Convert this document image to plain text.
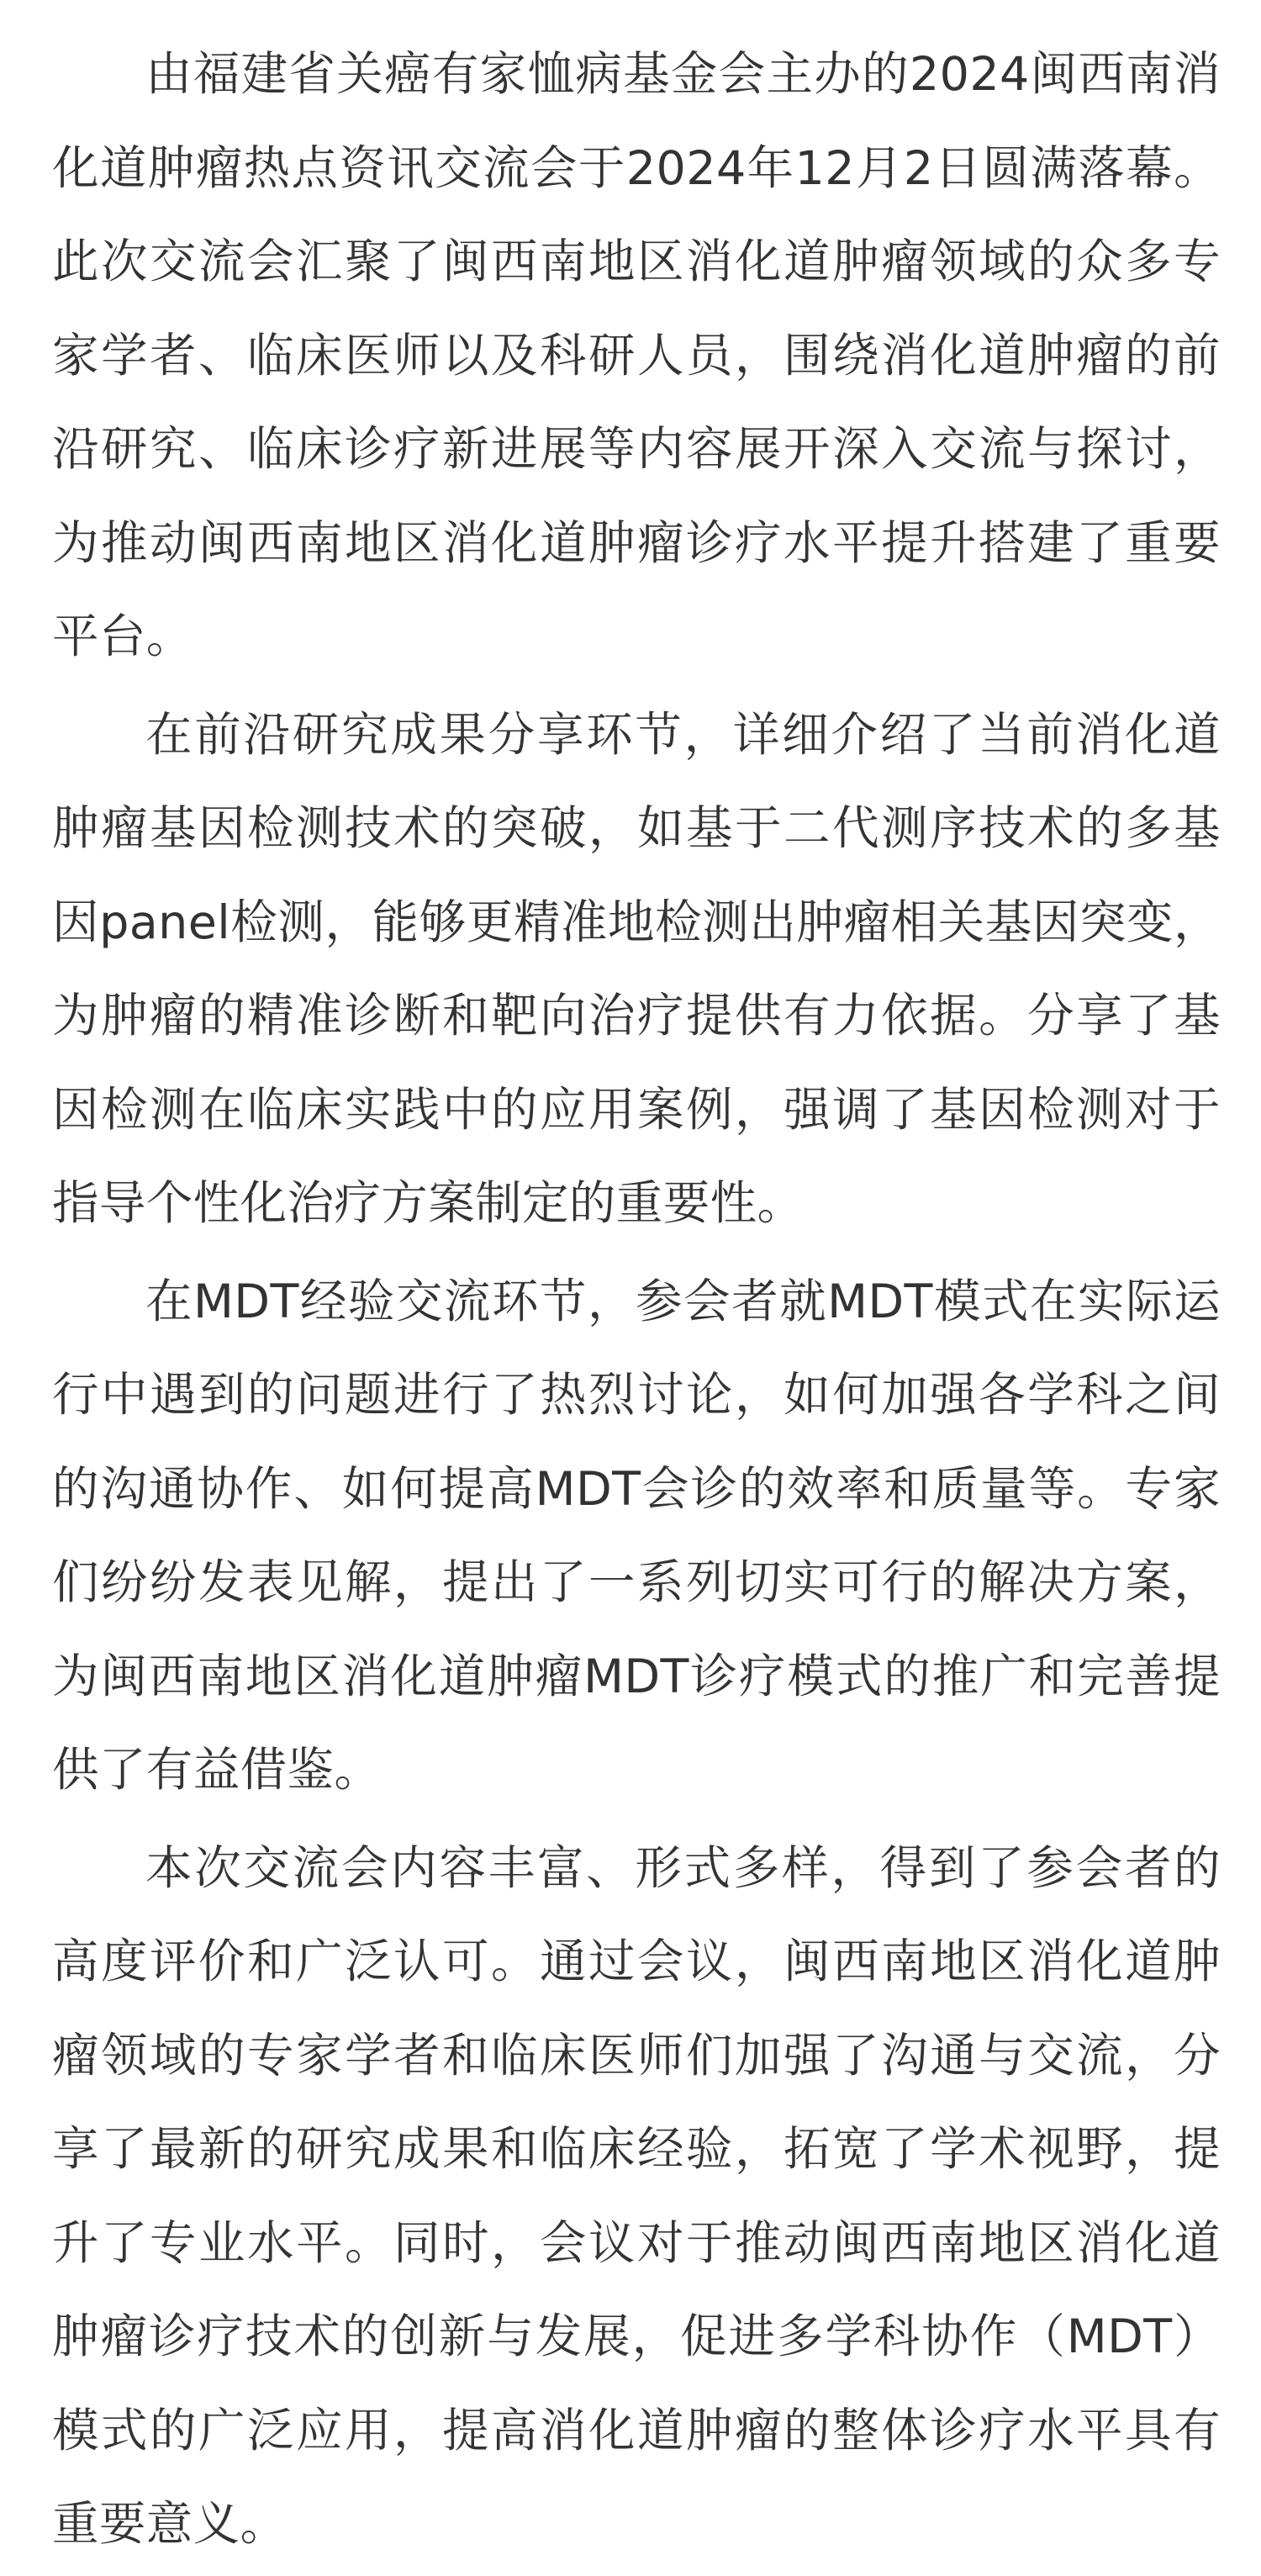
由福建省关癌有家恤病基金会主办的2024闽西南消化道肿瘤热点资讯交流会于2024年12月2日圆满落幕。此次交流会汇聚了闽西南地区消化道肿瘤领域的众多专家学者、临床医师以及科研人员，围绕消化道肿瘤的前沿研究、临床诊疗新进展等内容展开深入交流与探讨，为推动闽西南地区消化道肿瘤诊疗水平提升搭建了重要平台。

在前沿研究成果分享环节，详细介绍了当前消化道肿瘤基因检测技术的突破，如基于二代测序技术的多基因panel检测，能够更精准地检测出肿瘤相关基因突变，为肿瘤的精准诊断和靶向治疗提供有力依据。分享了基因检测在临床实践中的应用案例，强调了基因检测对于指导个性化治疗方案制定的重要性。

在MDT经验交流环节，参会者就MDT模式在实际运行中遇到的问题进行了热烈讨论，如何加强各学科之间的沟通协作、如何提高MDT会诊的效率和质量等。专家们纷纷发表见解，提出了一系列切实可行的解决方案，为闽西南地区消化道肿瘤MDT诊疗模式的推广和完善提供了有益借鉴。

本次交流会内容丰富、形式多样，得到了参会者的高度评价和广泛认可。通过会议，闽西南地区消化道肿瘤领域的专家学者和临床医师们加强了沟通与交流，分享了最新的研究成果和临床经验，拓宽了学术视野，提升了专业水平。同时，会议对于推动闽西南地区消化道肿瘤诊疗技术的创新与发展，促进多学科协作（MDT）模式的广泛应用，提高消化道肿瘤的整体诊疗水平具有重要意义。
